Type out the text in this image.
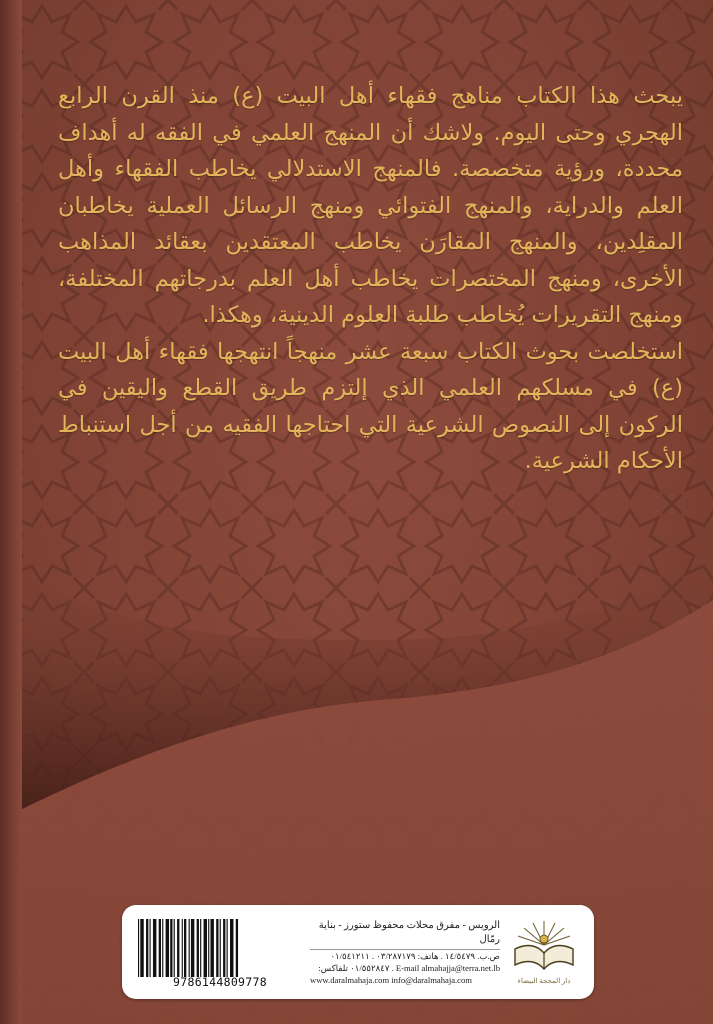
يبحث هذا الكتاب مناهج فقهاء أهل البيت (ع) منذ القرن الرابع الهجري وحتى اليوم. ولاشك أن المنهج العلمي في الفقه له أهداف محددة، ورؤية متخصصة. فالمنهج الاستدلالي يخاطب الفقهاء وأهل العلم والدراية، والمنهج الفتوائي ومنهج الرسائل العملية يخاطبان المقلِدين، والمنهج المقارَن يخاطب المعتقدين بعقائد المذاهب الأخرى، ومنهج المختصرات يخاطب أهل العلم بدرجاتهم المختلفة، ومنهج التقريرات يُخاطب طلبة العلوم الدينية، وهكذا.

استخلصت بحوث الكتاب سبعة عشر منهجاً انتهجها فقهاء أهل البيت (ع) في مسلكهم العلمي الذي إلتزم طريق القطع واليقين في الركون إلى النصوص الشرعية التي احتاجها الفقيه من أجل استنباط الأحكام الشرعية.

9786144809778
الرويس - مفرق محلات محفوظ ستورز - بناية رمّال
ص.ب. ١٤/٥٤٧٩ . هاتف: ٠٣/٢٨٧١٧٩ . ٠١/٥٤١٢١١
E-mail almahajja@terra.net.lb . ٠١/٥٥٢٨٤٧ تلفاكس:
www.daralmahaja.com info@daralmahaja.com	دار المحجة البيضاء
